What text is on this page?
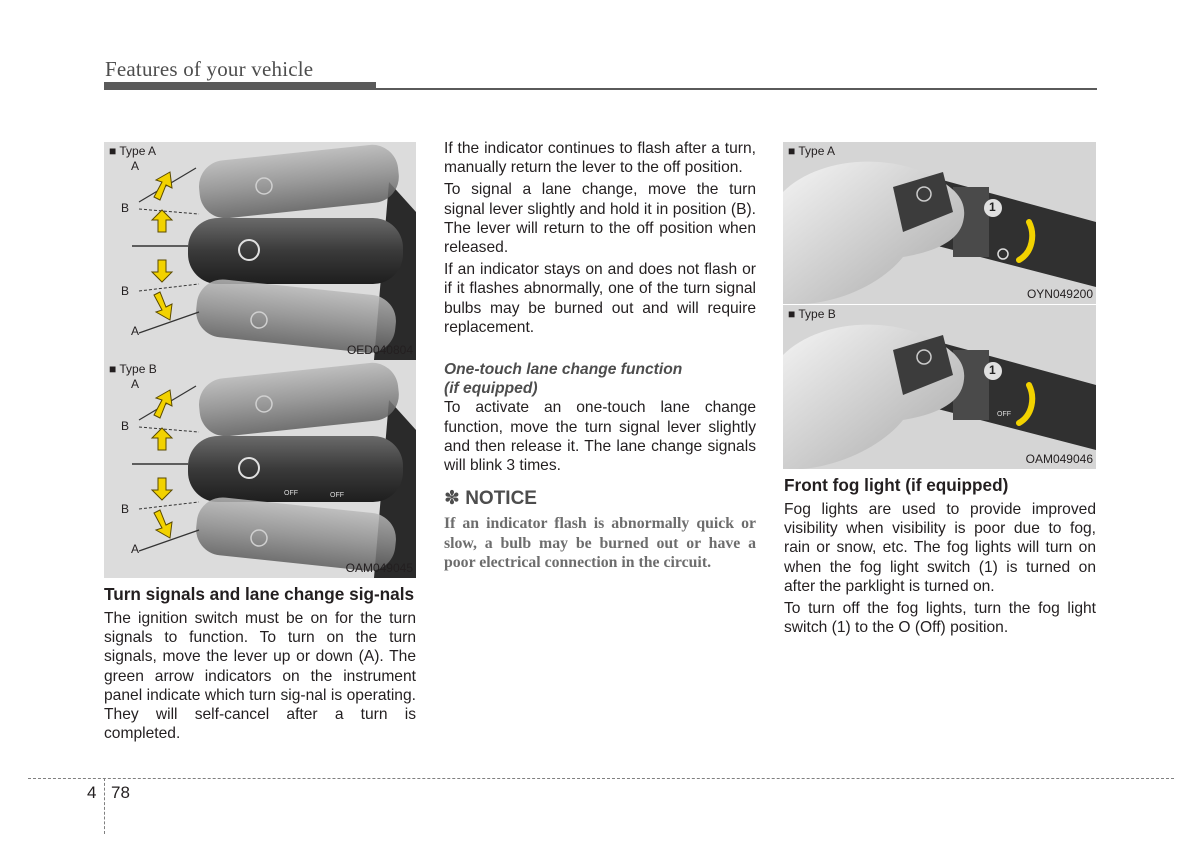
Features of your vehicle
■ Type A
OED040804
A
B
B
A
■ Type B
OAM049045
A
B
B
A
OFF	OFF
Turn signals and lane change sig-nals

The ignition switch must be on for the turn signals to function. To turn on the turn signals, move the lever up or down (A). The green arrow indicators on the instrument panel indicate which turn sig-nal is operating. They will self-cancel after a turn is completed.

If the indicator continues to flash after a turn, manually return the lever to the off position.

To signal a lane change, move the turn signal lever slightly and hold it in position (B). The lever will return to the off position when released.

If an indicator stays on and does not flash or if it flashes abnormally, one of the turn signal bulbs may be burned out and will require replacement.

One-touch lane change function
(if equipped)

To activate an one-touch lane change function, move the turn signal lever slightly and then release it. The lane change signals will blink 3 times.

✽ NOTICE
If an indicator flash is abnormally quick or slow, a bulb may be burned out or have a poor electrical connection in the circuit.
1
■ Type A
OYN049200
1
OFF
■ Type B
OAM049046
Front fog light (if equipped)

Fog lights are used to provide improved visibility when visibility is poor due to fog, rain or snow, etc. The fog lights will turn on when the fog light switch (1) is turned on after the parklight is turned on.

To turn off the fog lights, turn the fog light switch (1) to the O (Off) position.

4 78
